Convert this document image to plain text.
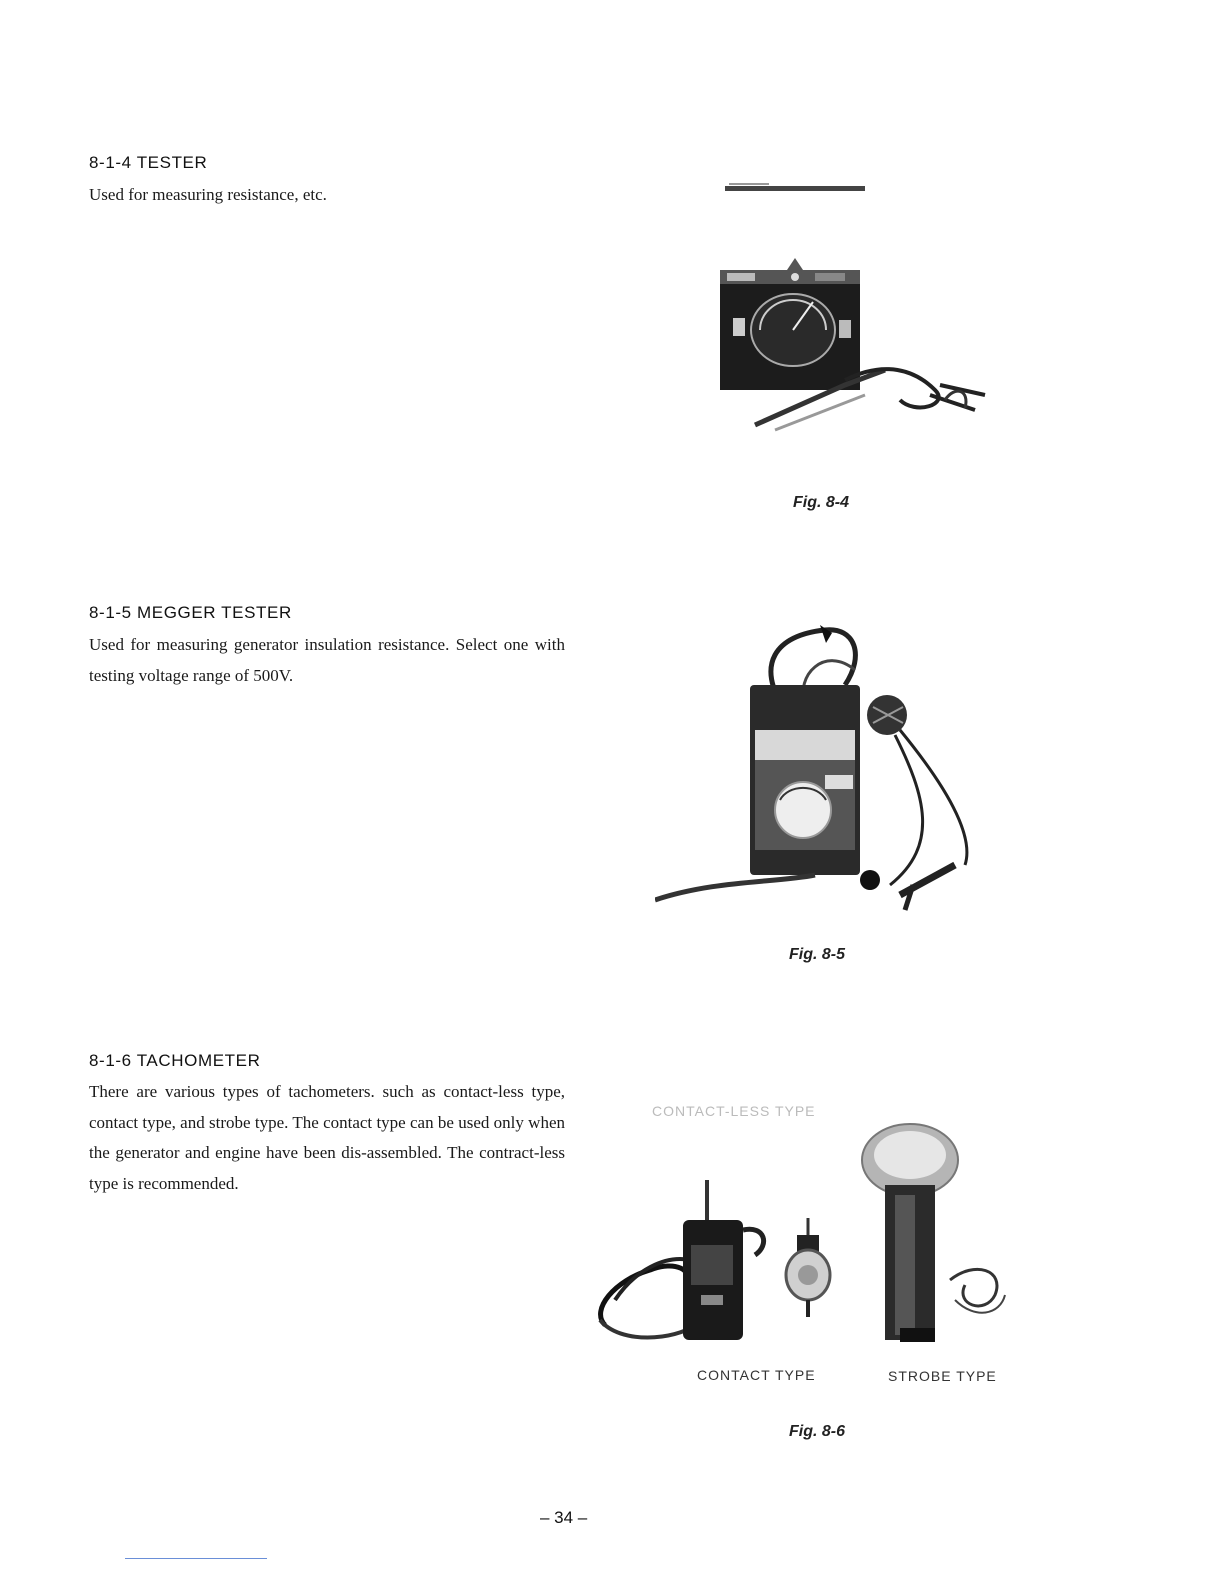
8-1-4 TESTER
Used for measuring resistance, etc.
Fig. 8-4
8-1-5 MEGGER TESTER
Used for measuring generator insulation resistance. Select one with testing voltage range of 500V.
Fig. 8-5
8-1-6 TACHOMETER
There are various types of tachometers. such as contact-less type, contact type, and strobe type. The contact type can be used only when the generator and engine have been dis-assembled. The contract-less type is recommended.
CONTACT-LESS TYPE
CONTACT TYPE	STROBE TYPE
Fig. 8-6
– 34 –
